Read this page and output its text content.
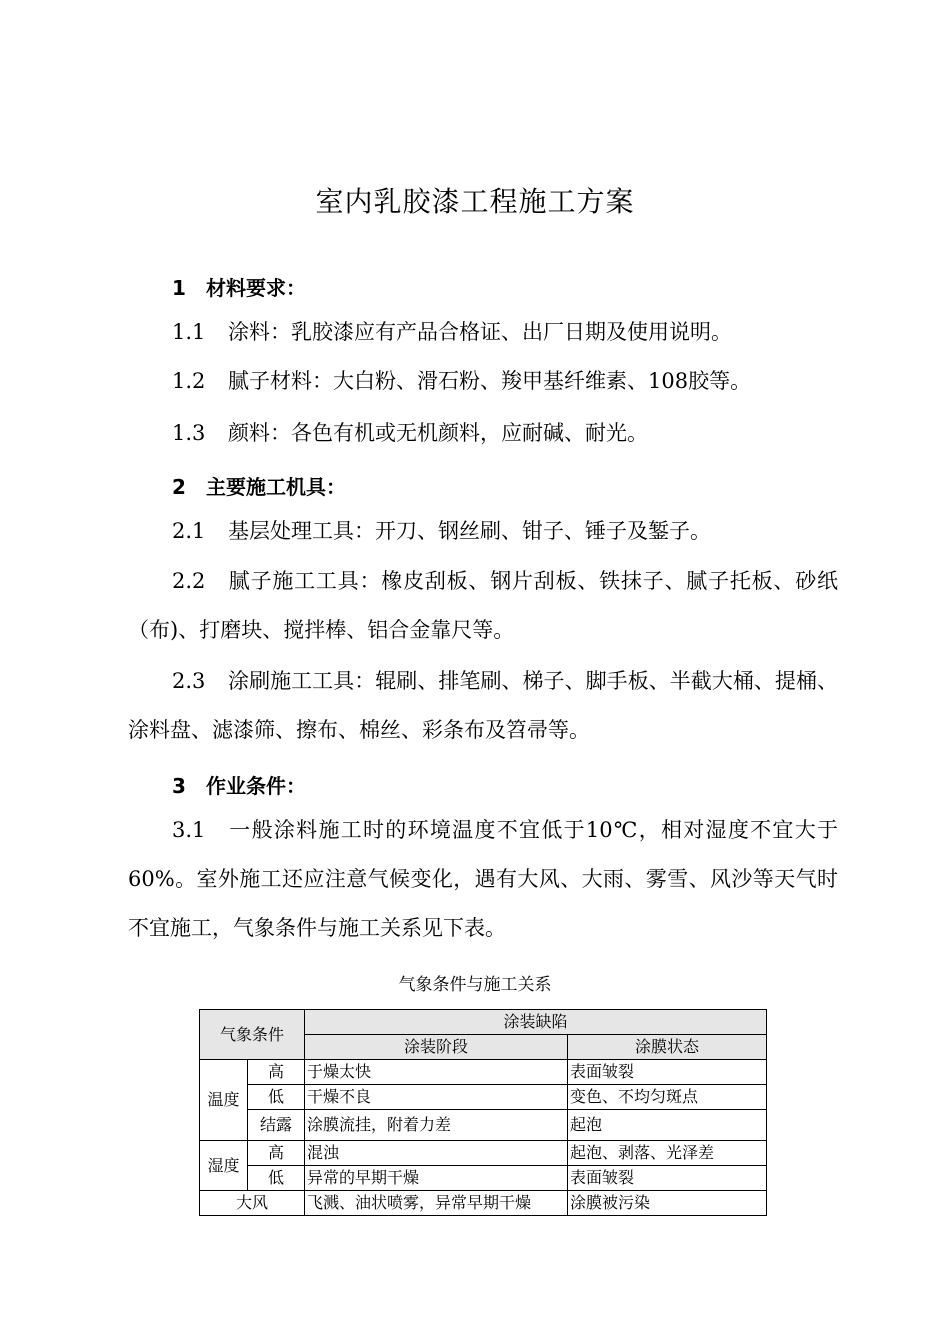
室内乳胶漆工程施工方案
1 材料要求：
1.1 涂料：乳胶漆应有产品合格证、出厂日期及使用说明。
1.2 腻子材料：大白粉、滑石粉、羧甲基纤维素、108胶等。
1.3 颜料：各色有机或无机颜料，应耐碱、耐光。
2 主要施工机具：
2.1 基层处理工具：开刀、钢丝刷、钳子、锤子及錾子。
2.2 腻子施工工具：橡皮刮板、钢片刮板、铁抹子、腻子托板、砂纸（布)、打磨块、搅拌棒、铝合金靠尺等。
2.3 涂刷施工工具：辊刷、排笔刷、梯子、脚手板、半截大桶、提桶、涂料盘、滤漆筛、擦布、棉丝、彩条布及笤帚等。
3 作业条件：
3.1 一般涂料施工时的环境温度不宜低于10℃，相对湿度不宜大于60%。室外施工还应注意气候变化，遇有大风、大雨、雾雪、风沙等天气时不宜施工，气象条件与施工关系见下表。
气象条件与施工关系
气象条件		涂装缺陷	
		涂装阶段	涂膜状态
温度	高	于燥太快	表面皱裂
	低	干燥不良	变色、不均匀斑点
	结露	涂膜流挂，附着力差	起泡
湿度	高	混浊	起泡、剥落、光泽差
	低	异常的早期干燥	表面皱裂
大风		飞溅、油状喷雾，异常早期干燥	涂膜被污染
